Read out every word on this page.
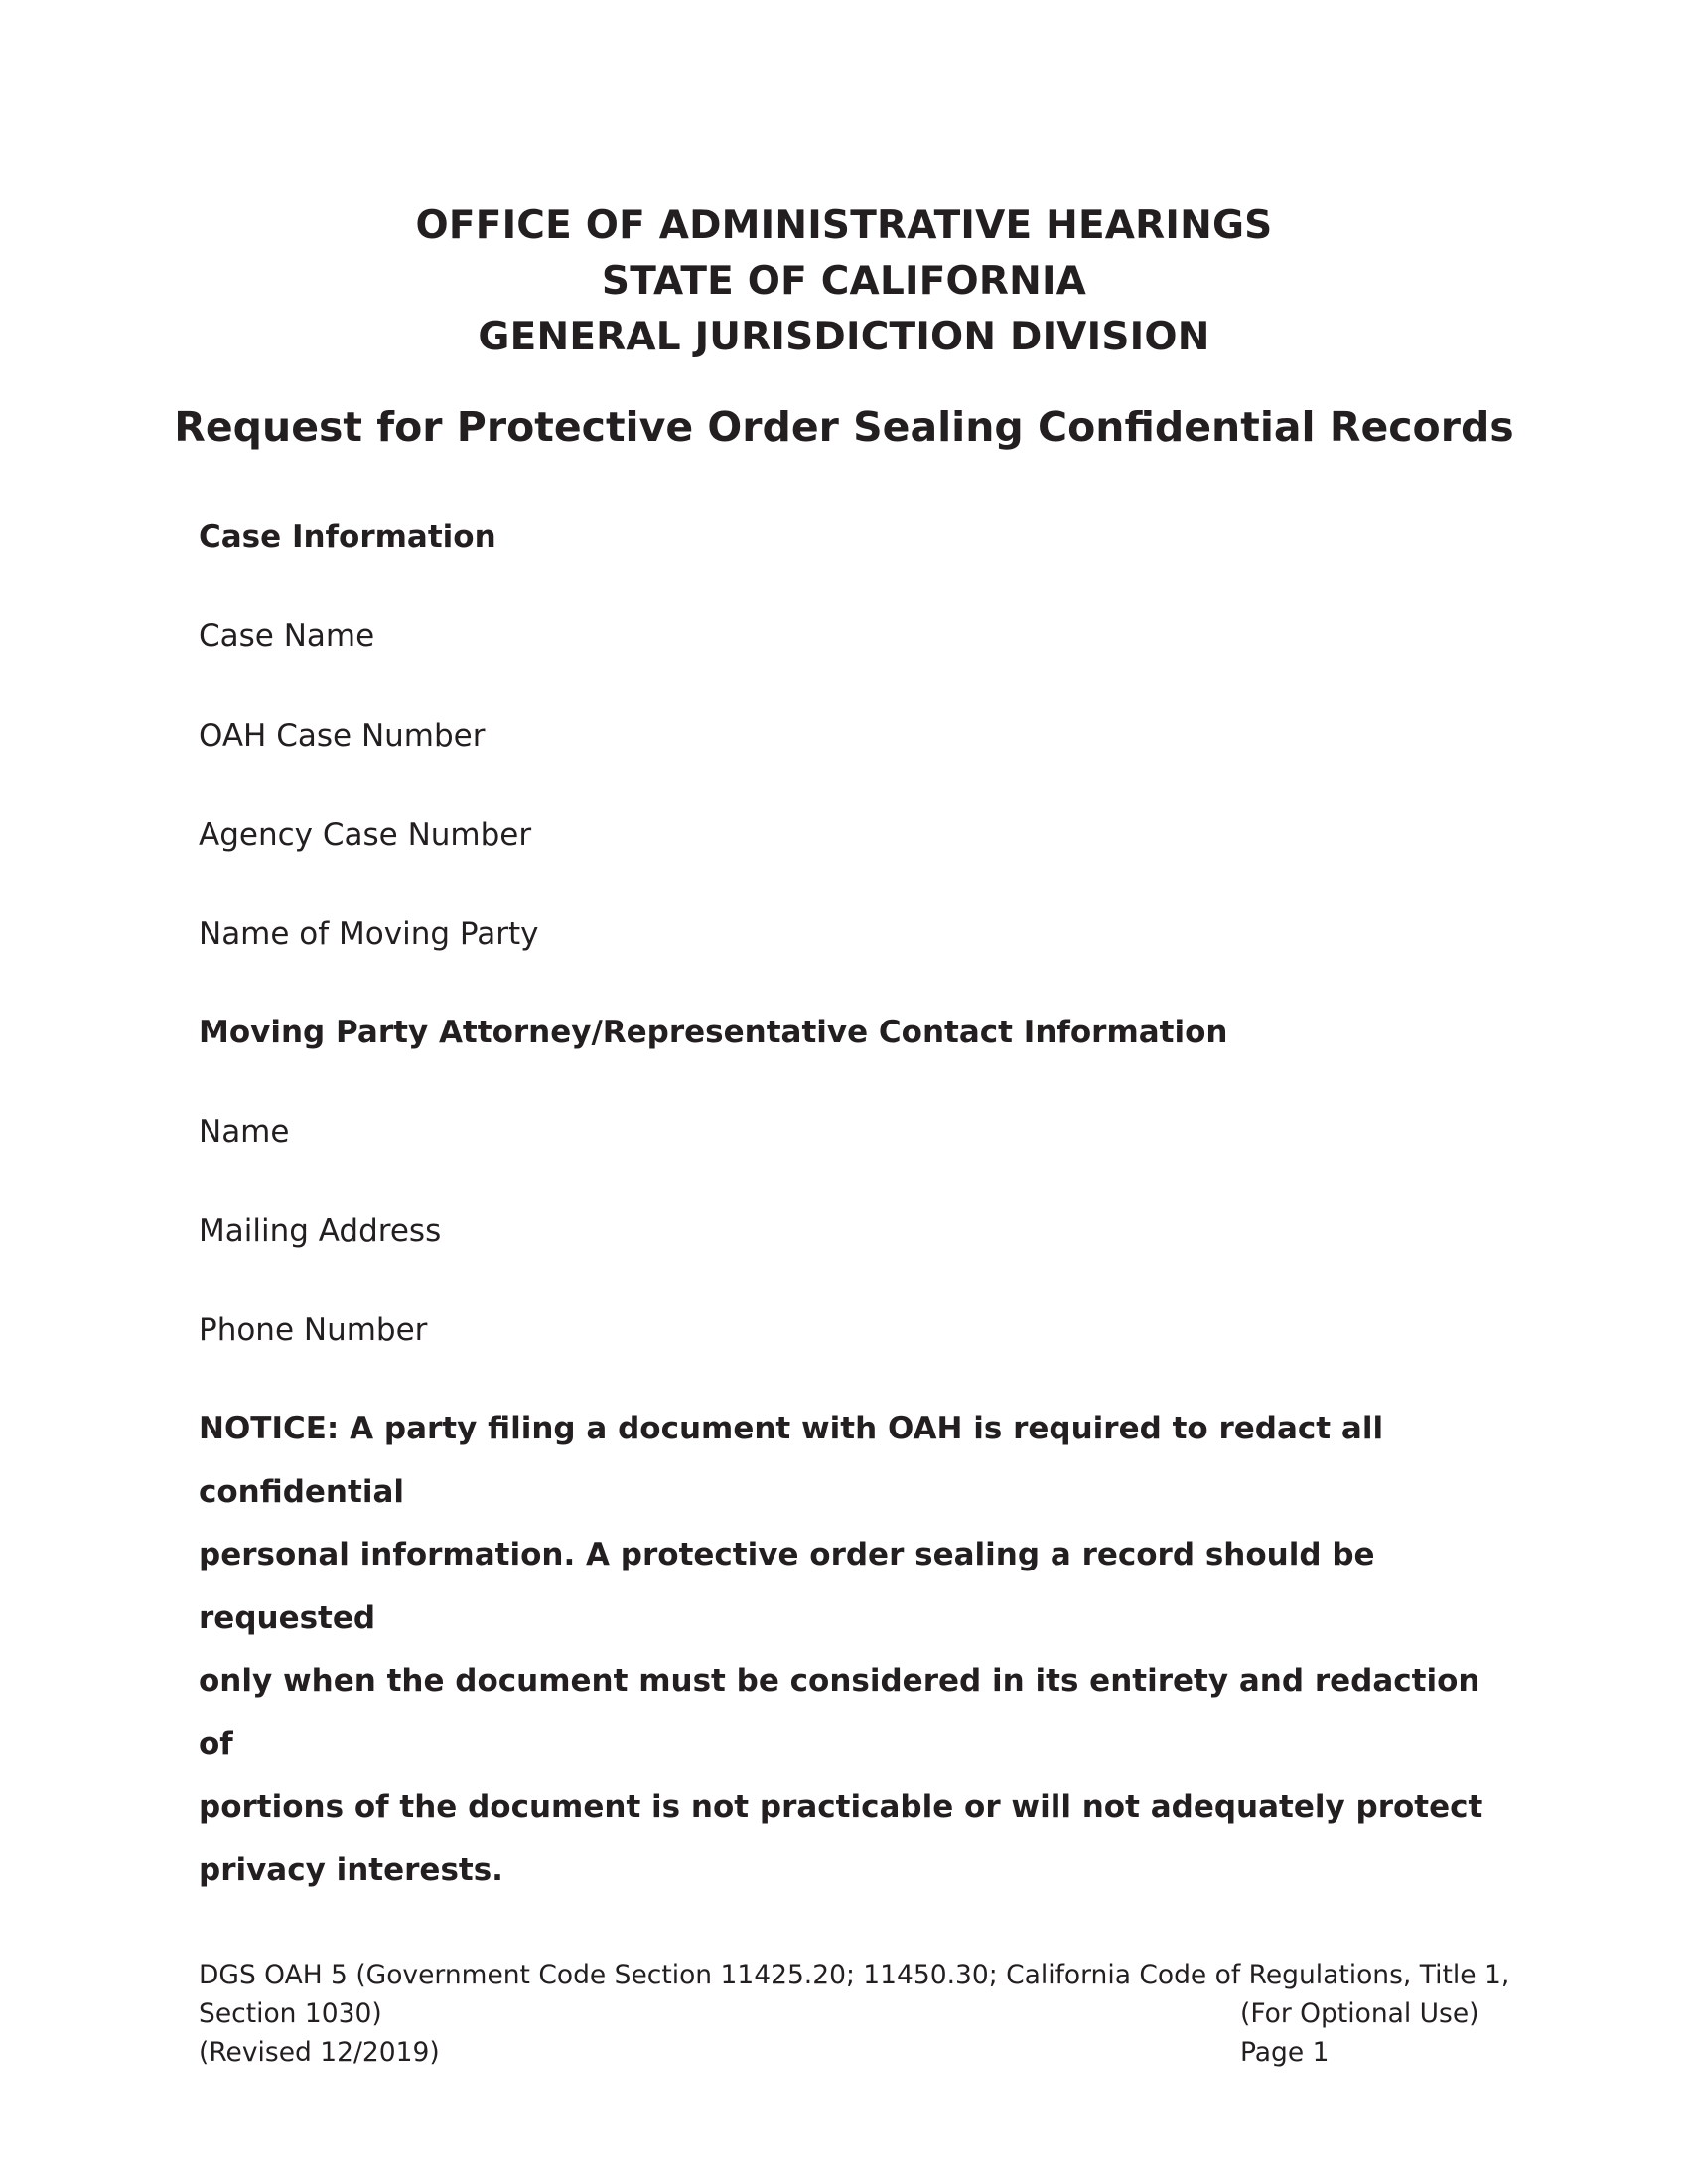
OFFICE OF ADMINISTRATIVE HEARINGS
STATE OF CALIFORNIA
GENERAL JURISDICTION DIVISION
Request for Protective Order Sealing Confidential Records

Case Information

Case Name

OAH Case Number

Agency Case Number

Name of Moving Party

Moving Party Attorney/Representative Contact Information

Name

Mailing Address

Phone Number

NOTICE: A party filing a document with OAH is required to redact all confidential
personal information. A protective order sealing a record should be requested
only when the document must be considered in its entirety and redaction of
portions of the document is not practicable or will not adequately protect
privacy interests.
DGS OAH 5 (Government Code Section 11425.20; 11450.30; California Code of Regulations, Title 1,
Section 1030)	(For Optional Use)
(Revised 12/2019)	Page 1
